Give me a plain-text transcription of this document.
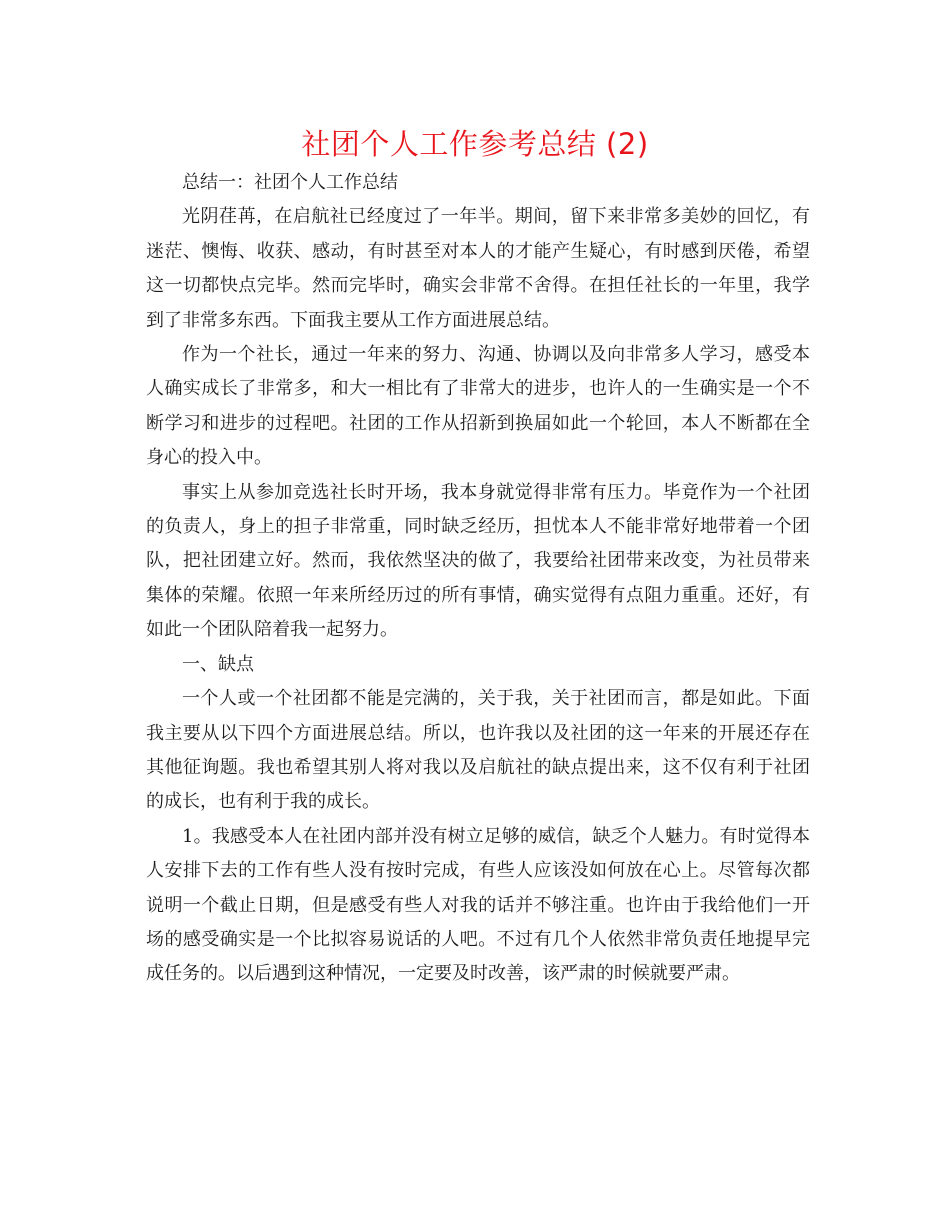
社团个人工作参考总结 (2)

总结一：社团个人工作总结

光阴荏苒，在启航社已经度过了一年半。期间，留下来非常多美妙的回忆，有迷茫、懊悔、收获、感动，有时甚至对本人的才能产生疑心，有时感到厌倦，希望这一切都快点完毕。然而完毕时，确实会非常不舍得。在担任社长的一年里，我学到了非常多东西。下面我主要从工作方面进展总结。

作为一个社长，通过一年来的努力、沟通、协调以及向非常多人学习，感受本人确实成长了非常多，和大一相比有了非常大的进步，也许人的一生确实是一个不断学习和进步的过程吧。社团的工作从招新到换届如此一个轮回，本人不断都在全身心的投入中。

事实上从参加竞选社长时开场，我本身就觉得非常有压力。毕竟作为一个社团的负责人，身上的担子非常重，同时缺乏经历，担忧本人不能非常好地带着一个团队，把社团建立好。然而，我依然坚决的做了，我要给社团带来改变，为社员带来集体的荣耀。依照一年来所经历过的所有事情，确实觉得有点阻力重重。还好，有如此一个团队陪着我一起努力。

一、缺点

一个人或一个社团都不能是完满的，关于我，关于社团而言，都是如此。下面我主要从以下四个方面进展总结。所以，也许我以及社团的这一年来的开展还存在其他征询题。我也希望其别人将对我以及启航社的缺点提出来，这不仅有利于社团的成长，也有利于我的成长。

1。我感受本人在社团内部并没有树立足够的威信，缺乏个人魅力。有时觉得本人安排下去的工作有些人没有按时完成，有些人应该没如何放在心上。尽管每次都说明一个截止日期，但是感受有些人对我的话并不够注重。也许由于我给他们一开场的感受确实是一个比拟容易说话的人吧。不过有几个人依然非常负责任地提早完成任务的。以后遇到这种情况，一定要及时改善，该严肃的时候就要严肃。
